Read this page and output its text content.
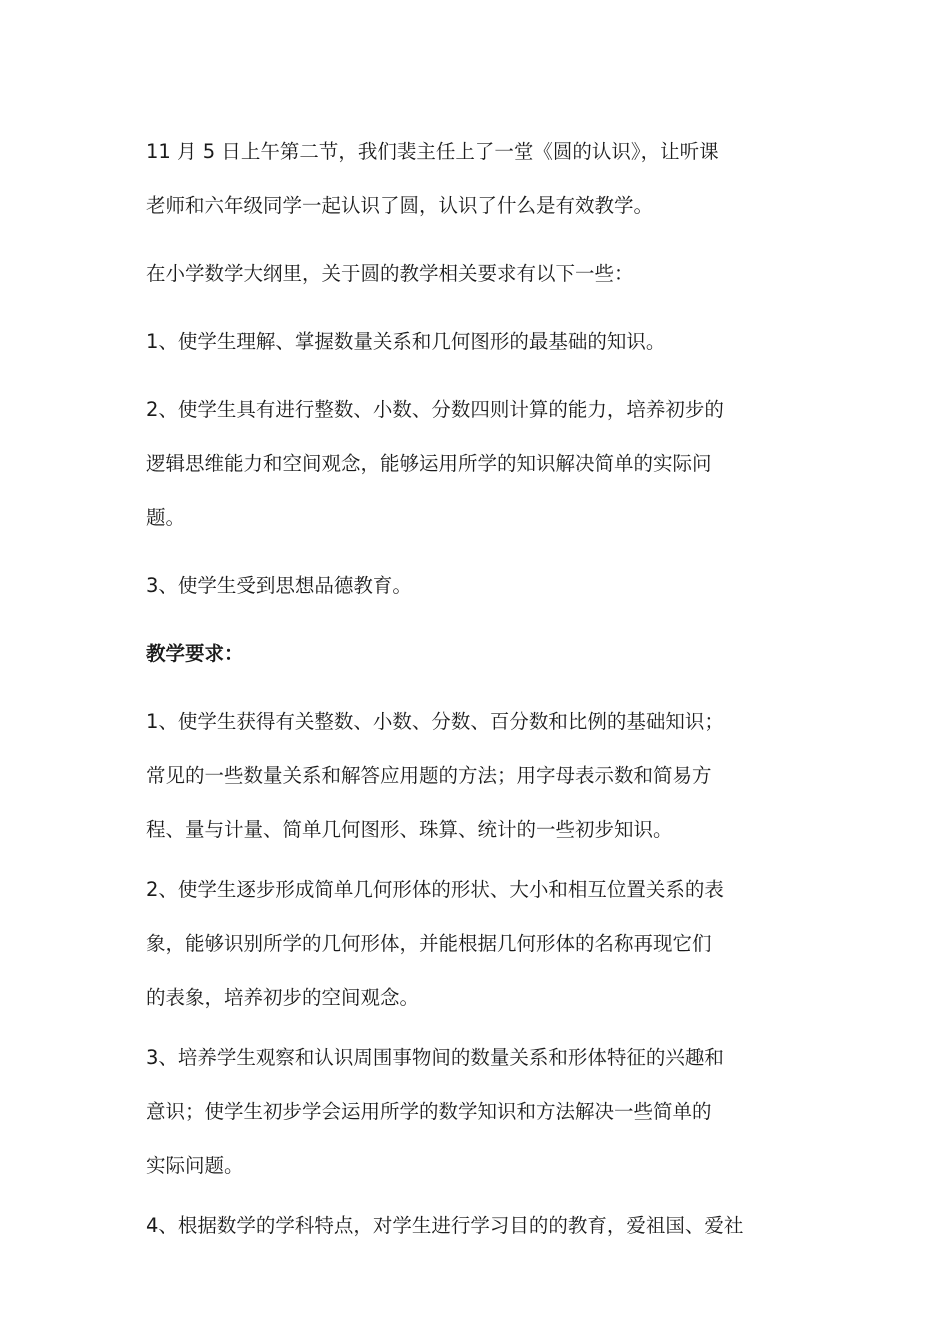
11 月 5 日上午第二节，我们裴主任上了一堂《圆的认识》，让听课
老师和六年级同学一起认识了圆，认识了什么是有效教学。

在小学数学大纲里，关于圆的教学相关要求有以下一些：

1、使学生理解、掌握数量关系和几何图形的最基础的知识。

2、使学生具有进行整数、小数、分数四则计算的能力，培养初步的
逻辑思维能力和空间观念，能够运用所学的知识解决简单的实际问
题。

3、使学生受到思想品德教育。

教学要求：

1、使学生获得有关整数、小数、分数、百分数和比例的基础知识；
常见的一些数量关系和解答应用题的方法；用字母表示数和简易方
程、量与计量、简单几何图形、珠算、统计的一些初步知识。

2、使学生逐步形成简单几何形体的形状、大小和相互位置关系的表
象，能够识别所学的几何形体，并能根据几何形体的名称再现它们
的表象，培养初步的空间观念。

3、培养学生观察和认识周围事物间的数量关系和形体特征的兴趣和
意识；使学生初步学会运用所学的数学知识和方法解决一些简单的
实际问题。

4、根据数学的学科特点，对学生进行学习目的的教育，爱祖国、爱社
